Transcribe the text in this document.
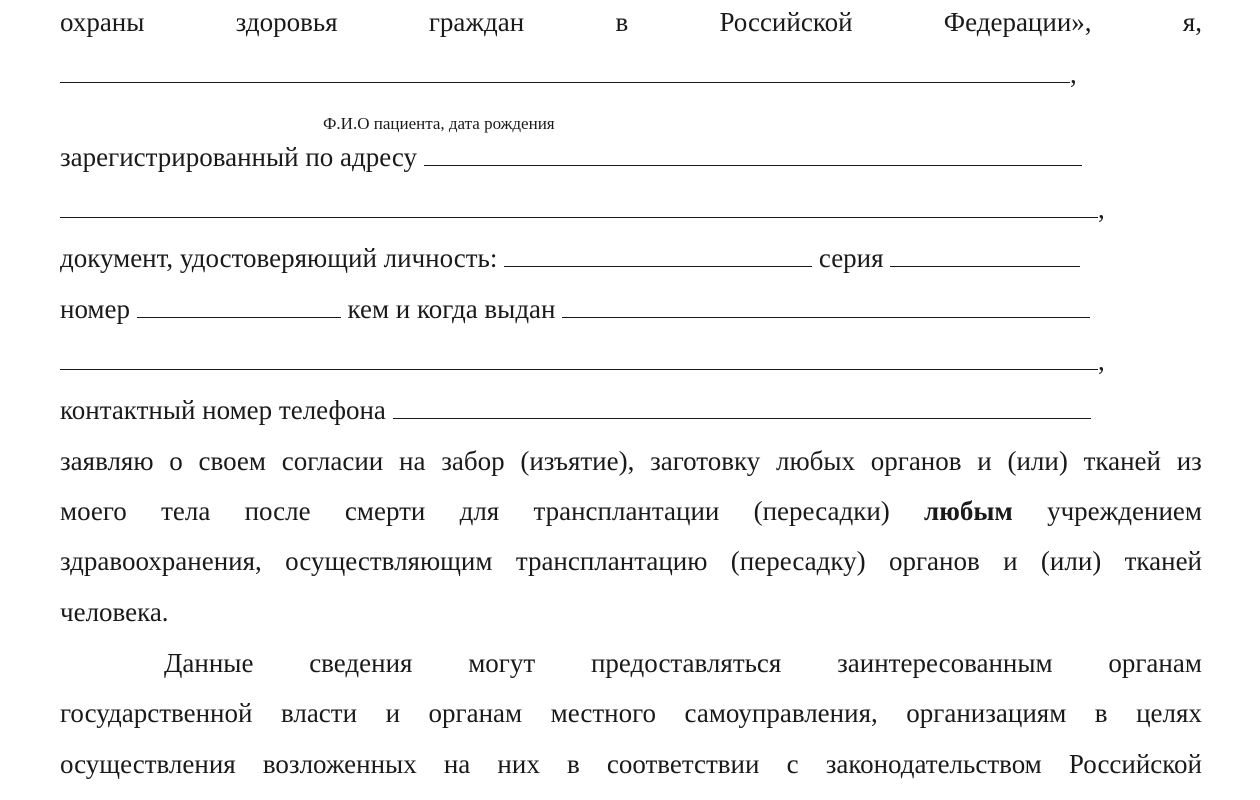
охраны	здоровья	граждан	в	Российской	Федерации»,	я,
,
Ф.И.О пациента, дата рождения
зарегистрированный по адресу
,
документ, удостоверяющий личность:	серия
номер	кем и когда выдан
,
контактный номер телефона
заявляю о своем согласии на забор (изъятие), заготовку любых органов и (или) тканей из
моего тела после смерти для трансплантации (пересадки) любым учреждением
здравоохранения, осуществляющим трансплантацию (пересадку) органов и (или) тканей
человека.
Данные сведения могут предоставляться заинтересованным органам
государственной власти и органам местного самоуправления, организациям в целях
осуществления возложенных на них в соответствии с законодательством Российской
